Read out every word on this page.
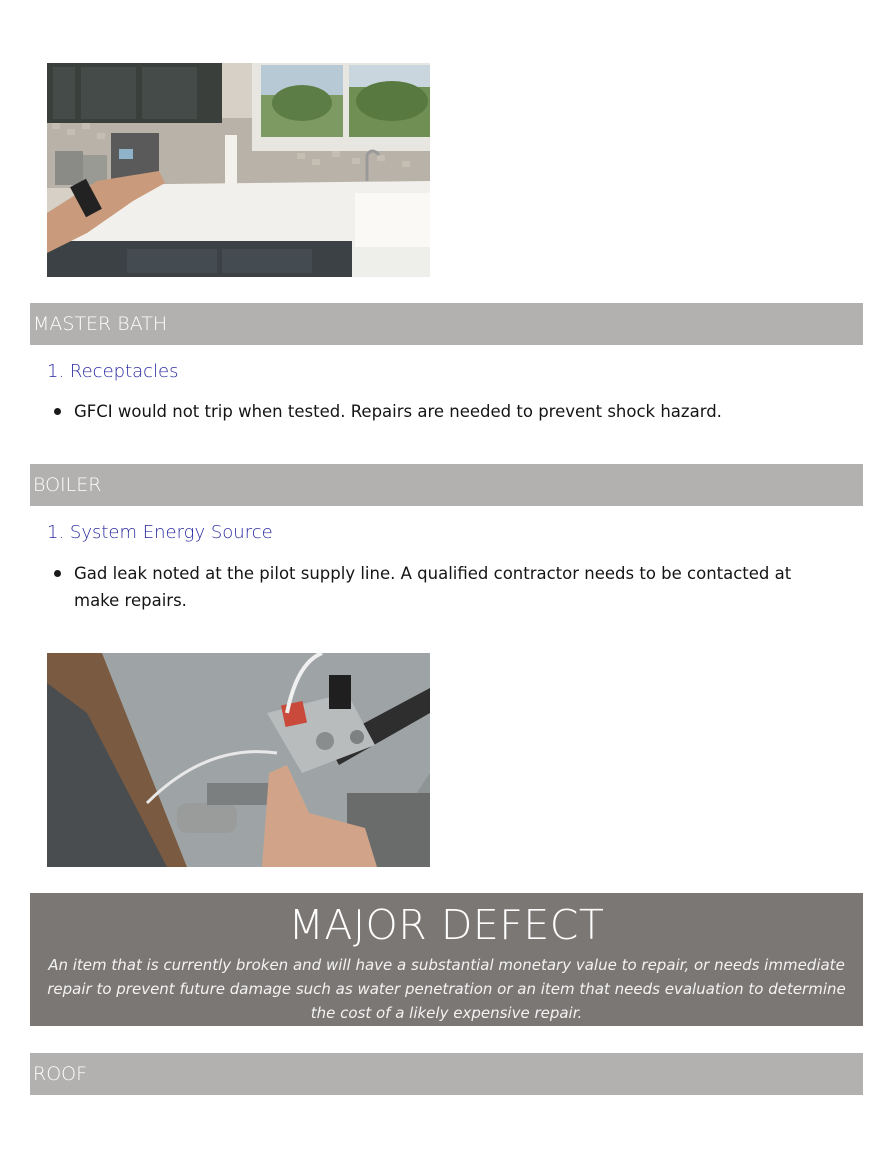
MASTER BATH
1. Receptacles
GFCI would not trip when tested. Repairs are needed to prevent shock hazard.
BOILER
1. System Energy Source
Gad leak noted at the pilot supply line. A qualified contractor needs to be contacted at make repairs.
MAJOR DEFECT
An item that is currently broken and will have a substantial monetary value to repair, or needs immediate repair to prevent future damage such as water penetration or an item that needs evaluation to determine the cost of a likely expensive repair.
ROOF
